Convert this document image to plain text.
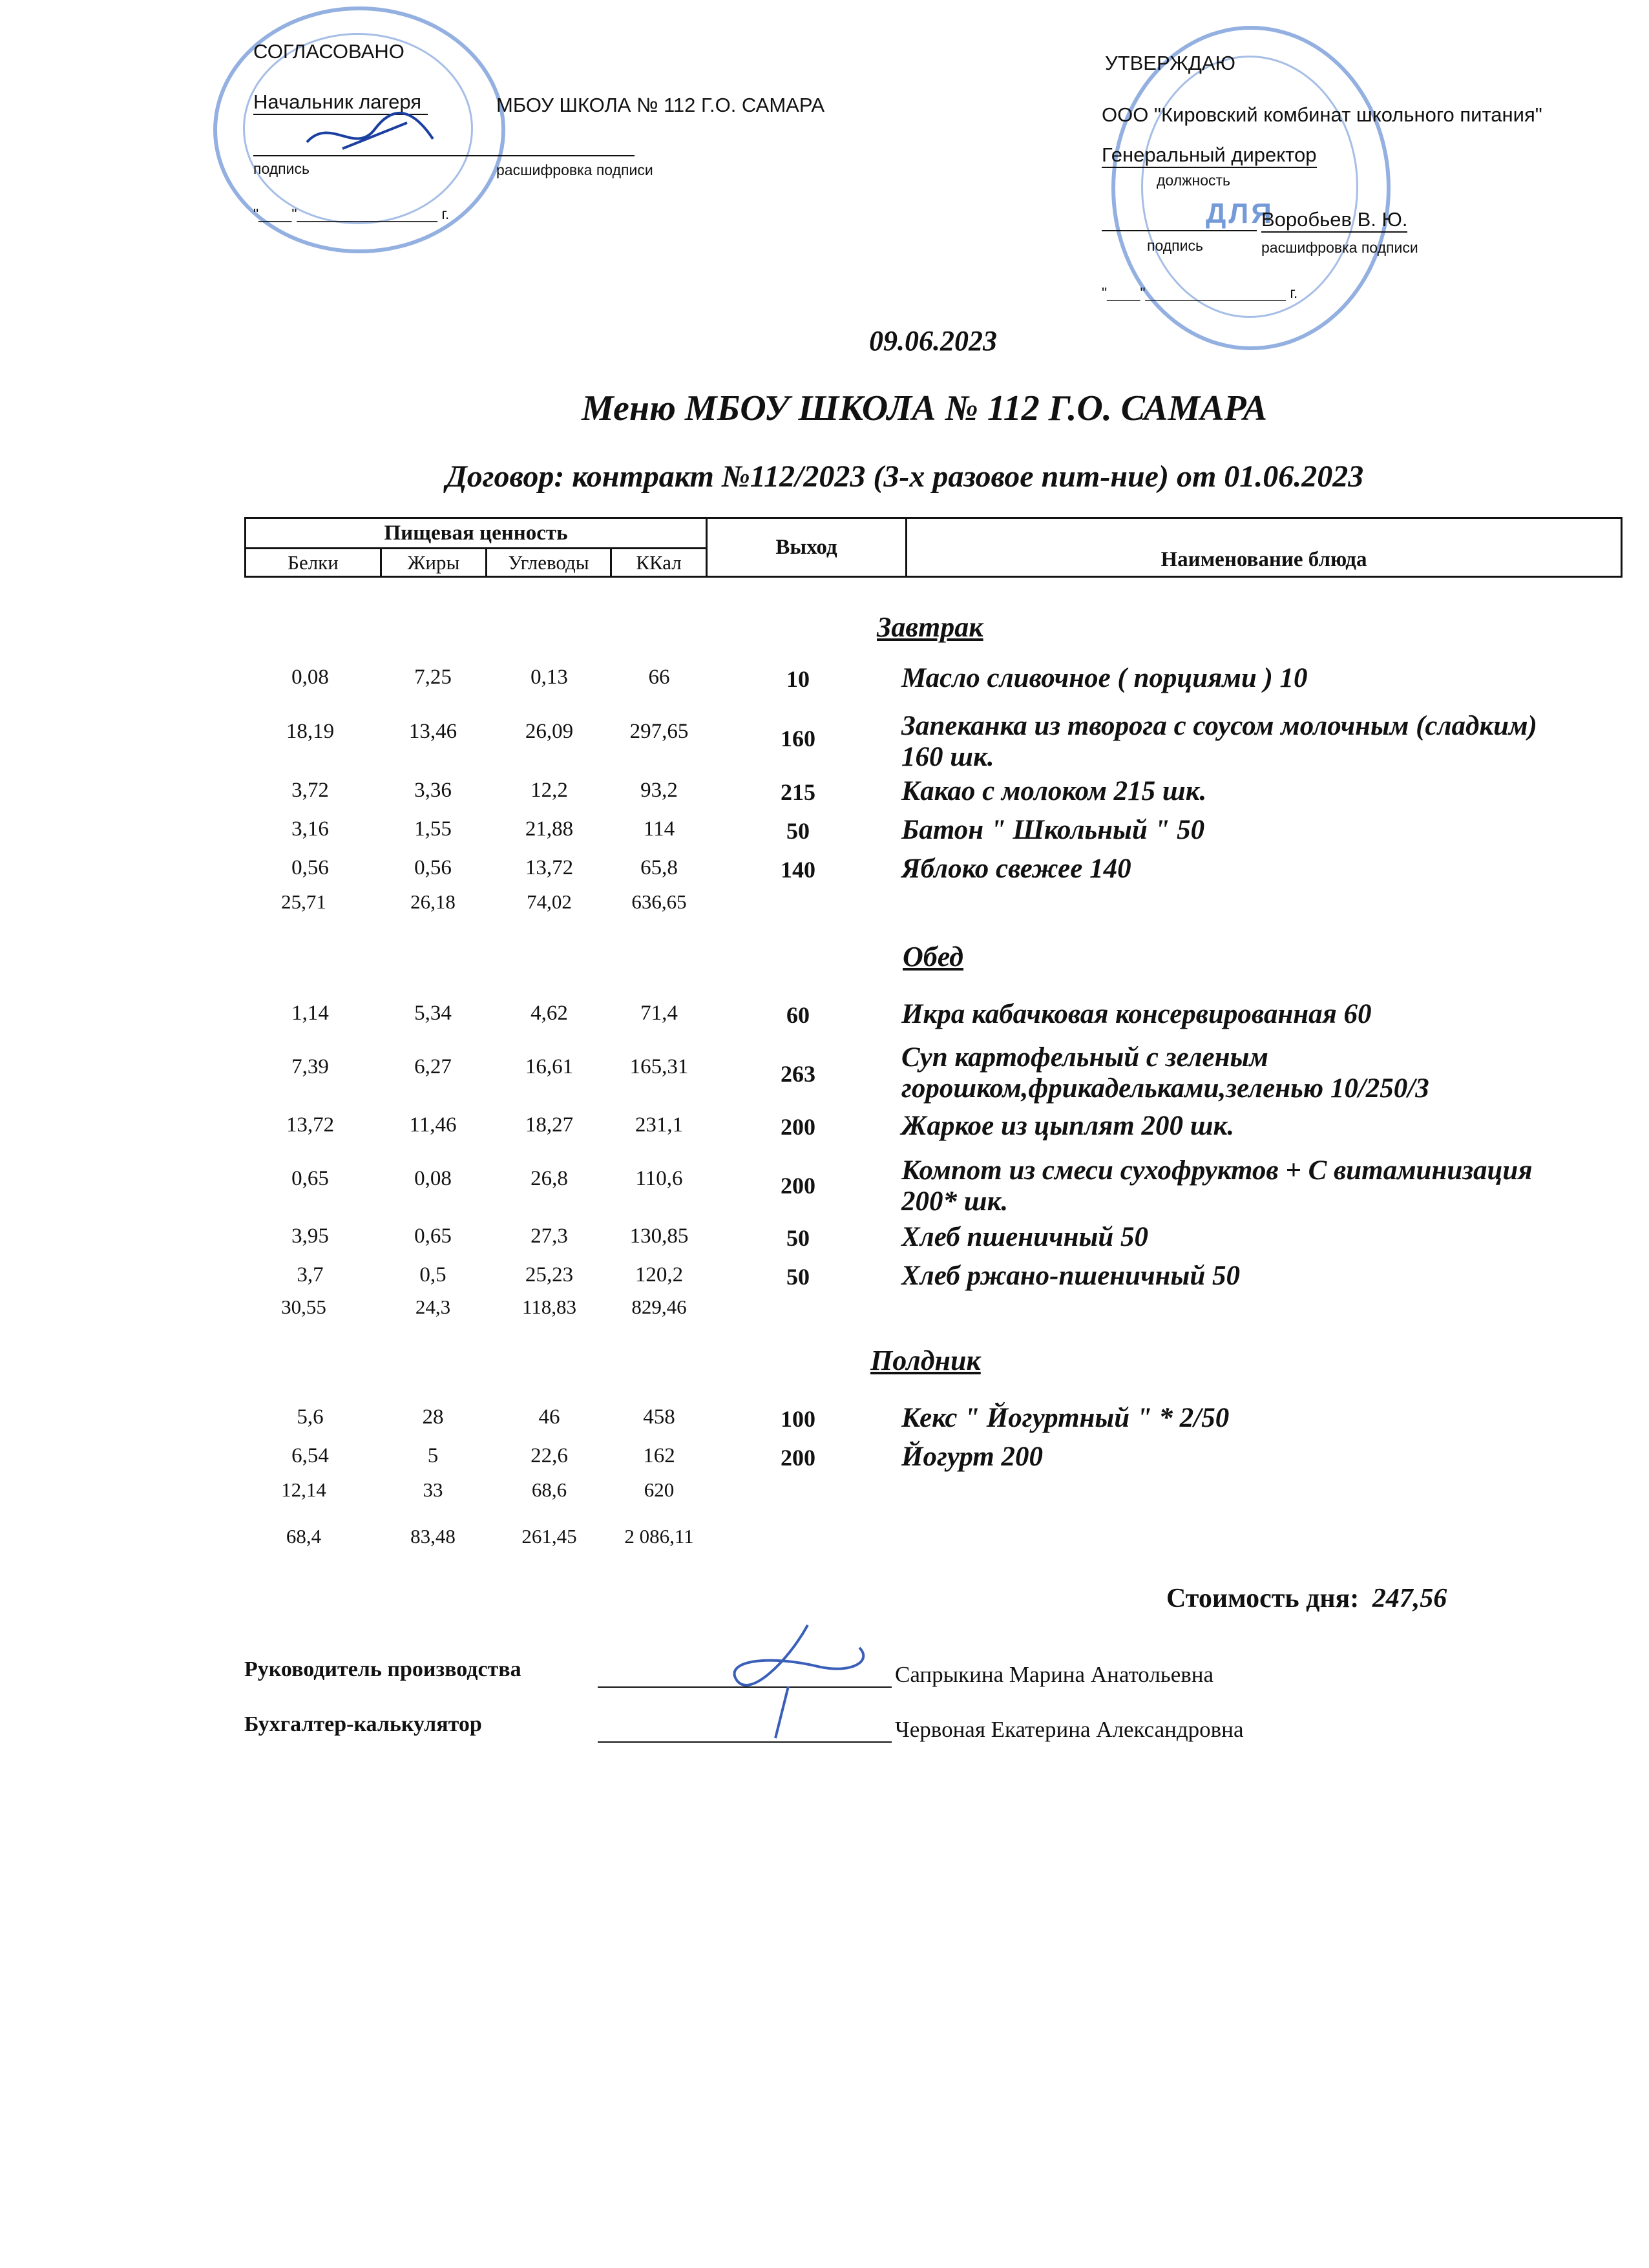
СОГЛАСОВАНО
Начальник лагеря	МБОУ ШКОЛА № 112 Г.О. САМАРА
подпись	расшифровка подписи
"____"_________________ г.	ДЛЯ
УТВЕРЖДАЮ
ООО "Кировский комбинат школьного питания"
Генеральный директор
должность
Воробьев В. Ю.
подпись	расшифровка подписи
"____"_________________ г.
09.06.2023
Меню МБОУ ШКОЛА № 112 Г.О. САМАРА
Договор: контракт №112/2023 (3-х разовое пит-ние) от 01.06.2023
Пищевая ценность				Выход	Наименование блюда
Белки	Жиры	Углеводы	ККал		
Завтрак
0,08	7,25	0,13	66	10	Масло сливочное ( порциями ) 10
18,19	13,46	26,09	297,65	160	Запеканка из творога с соусом молочным (сладким)
160 шк.
3,72	3,36	12,2	93,2	215	Какао с молоком 215 шк.
3,16	1,55	21,88	114	50	Батон " Школьный " 50
0,56	0,56	13,72	65,8	140	Яблоко свежее 140
25,71	26,18	74,02	636,65
Обед
1,14	5,34	4,62	71,4	60	Икра кабачковая консервированная 60
7,39	6,27	16,61	165,31	263
Суп картофельный с зеленым
горошком,фрикадельками,зеленью 10/250/3
13,72	11,46	18,27	231,1	200	Жаркое из цыплят 200 шк.
0,65	0,08	26,8	110,6	200	Компот из смеси сухофруктов + С витаминизация
200* шк.
3,95	0,65	27,3	130,85	50	Хлеб пшеничный 50
3,7	0,5	25,23	120,2	50	Хлеб ржано-пшеничный 50
30,55	24,3	118,83	829,46
Полдник
5,6	28	46	458	100	Кекс " Йогуртный " * 2/50
6,54	5	22,6	162	200	Йогурт 200
12,14	33	68,6	620
68,4	83,48	261,45	2 086,11
Стоимость дня: 247,56
Руководитель производства	Сапрыкина Марина Анатольевна
Бухгалтер-калькулятор	Червоная Екатерина Александровна
